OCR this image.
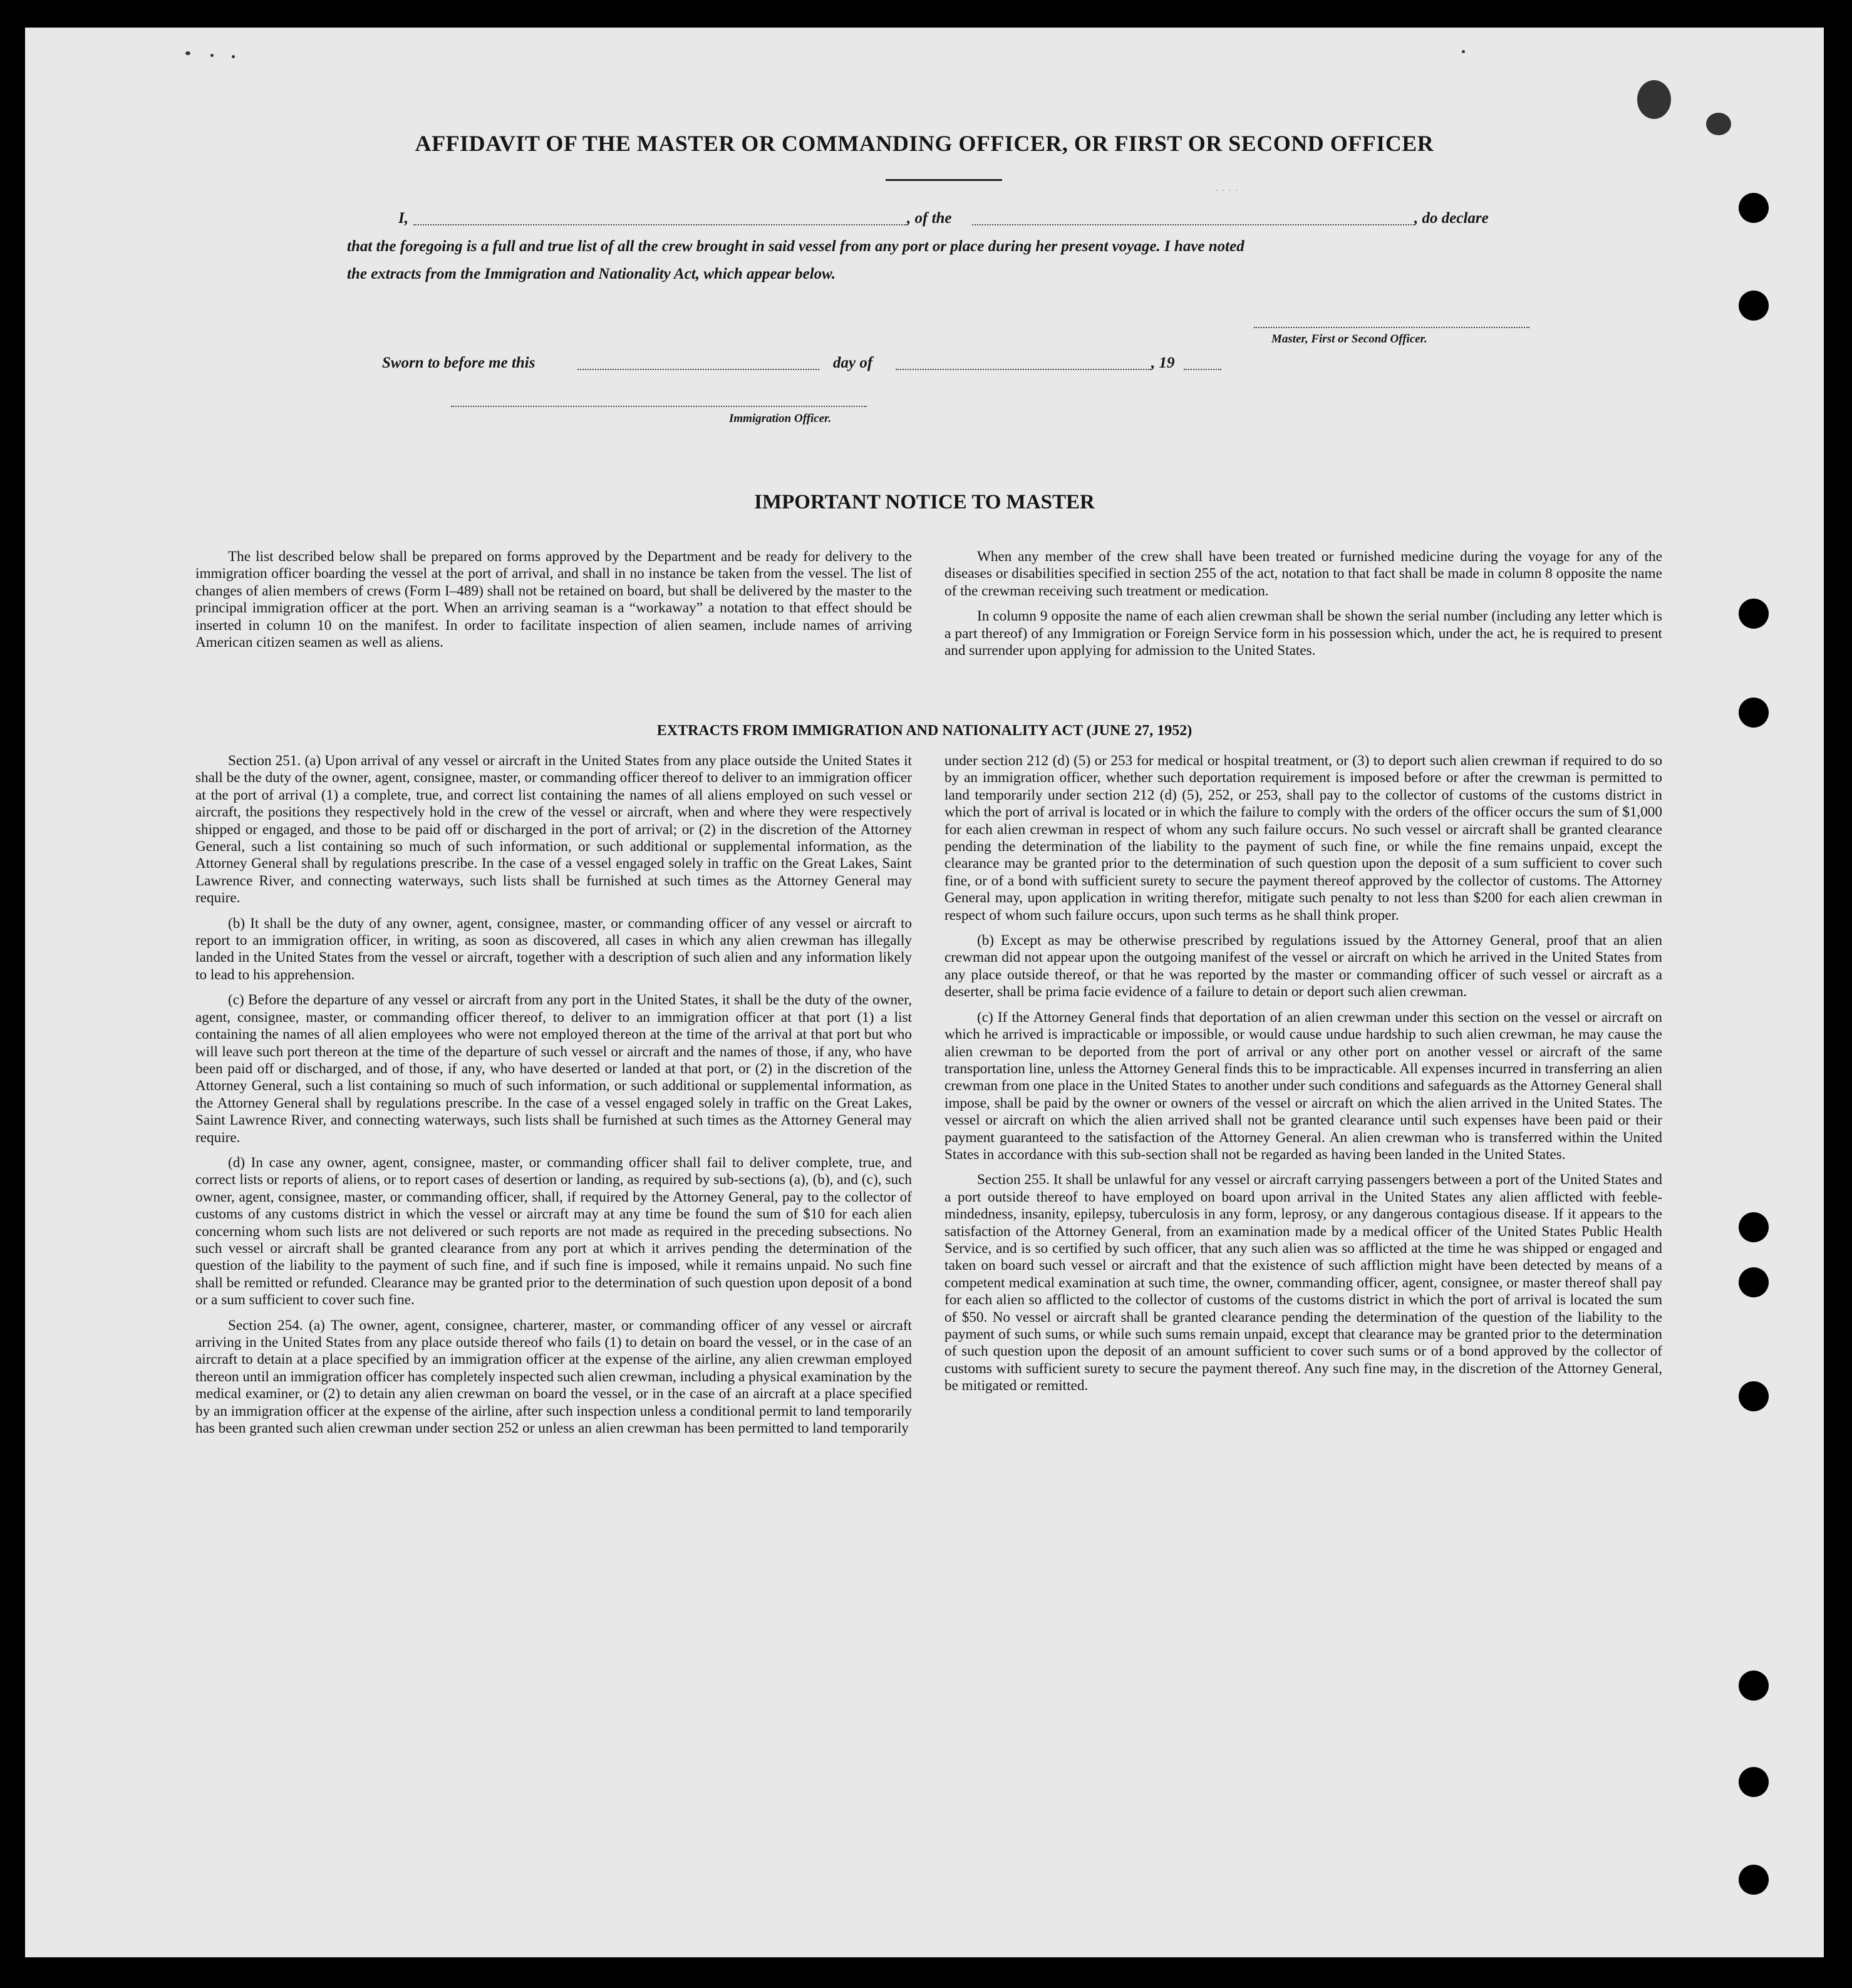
· · · ·
AFFIDAVIT OF THE MASTER OR COMMANDING OFFICER, OR FIRST OR SECOND OFFICER
I,	, of the	, do declare
that the foregoing is a full and true list of all the crew brought in said vessel from any port or place during her present voyage. I have noted
the extracts from the Immigration and Nationality Act, which appear below.
Master, First or Second Officer.
Sworn to before me this	day of	, 19
Immigration Officer.
IMPORTANT NOTICE TO MASTER

The list described below shall be prepared on forms approved by the Department and be ready for delivery to the immigration officer boarding the vessel at the port of arrival, and shall in no instance be taken from the vessel. The list of changes of alien members of crews (Form I–489) shall not be retained on board, but shall be delivered by the master to the principal immigration officer at the port. When an arriving seaman is a “workaway” a notation to that effect should be inserted in column 10 on the manifest. In order to facilitate inspection of alien seamen, include names of arriving American citizen seamen as well as aliens.

When any member of the crew shall have been treated or furnished medicine during the voyage for any of the diseases or disabilities specified in section 255 of the act, notation to that fact shall be made in column 8 opposite the name of the crewman receiving such treatment or medication.

In column 9 opposite the name of each alien crewman shall be shown the serial number (including any letter which is a part thereof) of any Immigration or Foreign Service form in his possession which, under the act, he is required to present and surrender upon applying for admission to the United States.

EXTRACTS FROM IMMIGRATION AND NATIONALITY ACT (JUNE 27, 1952)

Section 251. (a) Upon arrival of any vessel or aircraft in the United States from any place outside the United States it shall be the duty of the owner, agent, consignee, master, or commanding officer thereof to deliver to an immigration officer at the port of arrival (1) a complete, true, and correct list containing the names of all aliens employed on such vessel or aircraft, the positions they respectively hold in the crew of the vessel or aircraft, when and where they were respectively shipped or engaged, and those to be paid off or discharged in the port of arrival; or (2) in the discretion of the Attorney General, such a list containing so much of such information, or such additional or supplemental information, as the Attorney General shall by regulations prescribe. In the case of a vessel engaged solely in traffic on the Great Lakes, Saint Lawrence River, and connecting waterways, such lists shall be furnished at such times as the Attorney General may require.

(b) It shall be the duty of any owner, agent, consignee, master, or commanding officer of any vessel or aircraft to report to an immigration officer, in writing, as soon as discovered, all cases in which any alien crewman has illegally landed in the United States from the vessel or aircraft, together with a description of such alien and any information likely to lead to his apprehension.

(c) Before the departure of any vessel or aircraft from any port in the United States, it shall be the duty of the owner, agent, consignee, master, or commanding officer thereof, to deliver to an immigration officer at that port (1) a list containing the names of all alien employees who were not employed thereon at the time of the arrival at that port but who will leave such port thereon at the time of the departure of such vessel or aircraft and the names of those, if any, who have been paid off or discharged, and of those, if any, who have deserted or landed at that port, or (2) in the discretion of the Attorney General, such a list containing so much of such information, or such additional or supplemental information, as the Attorney General shall by regulations prescribe. In the case of a vessel engaged solely in traffic on the Great Lakes, Saint Lawrence River, and connecting waterways, such lists shall be furnished at such times as the Attorney General may require.

(d) In case any owner, agent, consignee, master, or commanding officer shall fail to deliver complete, true, and correct lists or reports of aliens, or to report cases of desertion or landing, as required by sub-sections (a), (b), and (c), such owner, agent, consignee, master, or commanding officer, shall, if required by the Attorney General, pay to the collector of customs of any customs district in which the vessel or aircraft may at any time be found the sum of $10 for each alien concerning whom such lists are not delivered or such reports are not made as required in the preceding subsections. No such vessel or aircraft shall be granted clearance from any port at which it arrives pending the determination of the question of the liability to the payment of such fine, and if such fine is imposed, while it remains unpaid. No such fine shall be remitted or refunded. Clearance may be granted prior to the determination of such question upon deposit of a bond or a sum sufficient to cover such fine.

Section 254. (a) The owner, agent, consignee, charterer, master, or commanding officer of any vessel or aircraft arriving in the United States from any place outside thereof who fails (1) to detain on board the vessel, or in the case of an aircraft to detain at a place specified by an immigration officer at the expense of the airline, any alien crewman employed thereon until an immigration officer has completely inspected such alien crewman, including a physical examination by the medical examiner, or (2) to detain any alien crewman on board the vessel, or in the case of an aircraft at a place specified by an immigration officer at the expense of the airline, after such inspection unless a conditional permit to land temporarily has been granted such alien crewman under section 252 or unless an alien crewman has been permitted to land temporarily

under section 212 (d) (5) or 253 for medical or hospital treatment, or (3) to deport such alien crewman if required to do so by an immigration officer, whether such deportation requirement is imposed before or after the crewman is permitted to land temporarily under section 212 (d) (5), 252, or 253, shall pay to the collector of customs of the customs district in which the port of arrival is located or in which the failure to comply with the orders of the officer occurs the sum of $1,000 for each alien crewman in respect of whom any such failure occurs. No such vessel or aircraft shall be granted clearance pending the determination of the liability to the payment of such fine, or while the fine remains unpaid, except the clearance may be granted prior to the determination of such question upon the deposit of a sum sufficient to cover such fine, or of a bond with sufficient surety to secure the payment thereof approved by the collector of customs. The Attorney General may, upon application in writing therefor, mitigate such penalty to not less than $200 for each alien crewman in respect of whom such failure occurs, upon such terms as he shall think proper.

(b) Except as may be otherwise prescribed by regulations issued by the Attorney General, proof that an alien crewman did not appear upon the outgoing manifest of the vessel or aircraft on which he arrived in the United States from any place outside thereof, or that he was reported by the master or commanding officer of such vessel or aircraft as a deserter, shall be prima facie evidence of a failure to detain or deport such alien crewman.

(c) If the Attorney General finds that deportation of an alien crewman under this section on the vessel or aircraft on which he arrived is impracticable or impossible, or would cause undue hardship to such alien crewman, he may cause the alien crewman to be deported from the port of arrival or any other port on another vessel or aircraft of the same transportation line, unless the Attorney General finds this to be impracticable. All expenses incurred in transferring an alien crewman from one place in the United States to another under such conditions and safeguards as the Attorney General shall impose, shall be paid by the owner or owners of the vessel or aircraft on which the alien arrived in the United States. The vessel or aircraft on which the alien arrived shall not be granted clearance until such expenses have been paid or their payment guaranteed to the satisfaction of the Attorney General. An alien crewman who is transferred within the United States in accordance with this sub-section shall not be regarded as having been landed in the United States.

Section 255. It shall be unlawful for any vessel or aircraft carrying passengers between a port of the United States and a port outside thereof to have employed on board upon arrival in the United States any alien afflicted with feeble-mindedness, insanity, epilepsy, tuberculosis in any form, leprosy, or any dangerous contagious disease. If it appears to the satisfaction of the Attorney General, from an examination made by a medical officer of the United States Public Health Service, and is so certified by such officer, that any such alien was so afflicted at the time he was shipped or engaged and taken on board such vessel or aircraft and that the existence of such affliction might have been detected by means of a competent medical examination at such time, the owner, commanding officer, agent, consignee, or master thereof shall pay for each alien so afflicted to the collector of customs of the customs district in which the port of arrival is located the sum of $50. No vessel or aircraft shall be granted clearance pending the determination of the question of the liability to the payment of such sums, or while such sums remain unpaid, except that clearance may be granted prior to the determination of such question upon the deposit of an amount sufficient to cover such sums or of a bond approved by the collector of customs with sufficient surety to secure the payment thereof. Any such fine may, in the discretion of the Attorney General, be mitigated or remitted.
